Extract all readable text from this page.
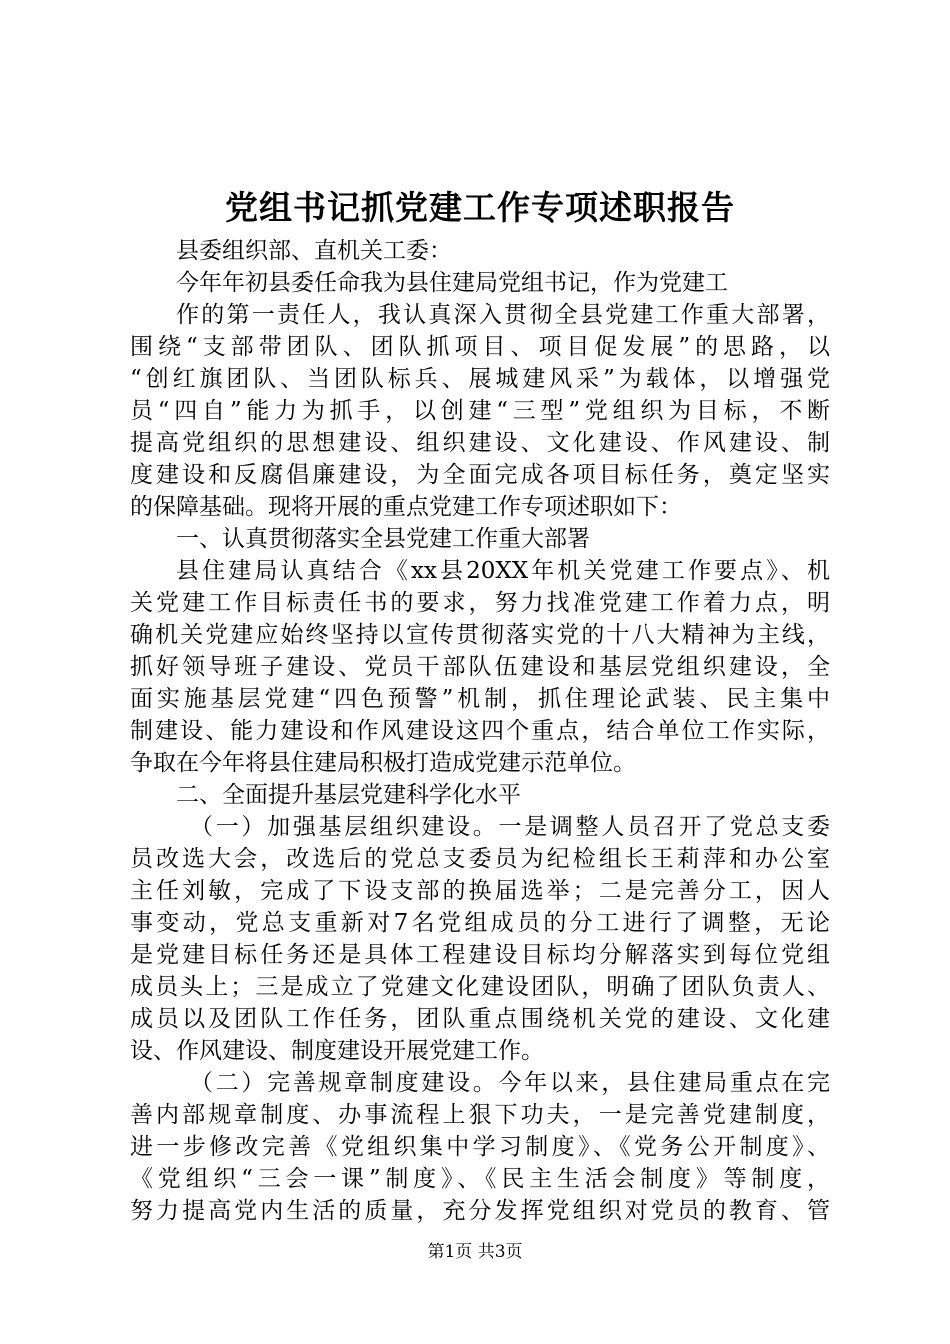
党组书记抓党建工作专项述职报告
县委组织部、直机关工委：
今年年初县委任命我为县住建局党组书记，作为党建工
作的第一责任人，我认真深入贯彻全县党建工作重大部署，
围绕“支部带团队、团队抓项目、项目促发展”的思路，以
“创红旗团队、当团队标兵、展城建风采”为载体，以增强党
员“四自”能力为抓手，以创建“三型”党组织为目标，不断
提高党组织的思想建设、组织建设、文化建设、作风建设、制
度建设和反腐倡廉建设，为全面完成各项目标任务，奠定坚实
的保障基础。现将开展的重点党建工作专项述职如下：
一、认真贯彻落实全县党建工作重大部署
县住建局认真结合《xx县20XX年机关党建工作要点》、机
关党建工作目标责任书的要求，努力找准党建工作着力点，明
确机关党建应始终坚持以宣传贯彻落实党的十八大精神为主线，
抓好领导班子建设、党员干部队伍建设和基层党组织建设，全
面实施基层党建“四色预警”机制，抓住理论武装、民主集中
制建设、能力建设和作风建设这四个重点，结合单位工作实际，
争取在今年将县住建局积极打造成党建示范单位。
二、全面提升基层党建科学化水平
（一）加强基层组织建设。一是调整人员召开了党总支委
员改选大会，改选后的党总支委员为纪检组长王莉萍和办公室
主任刘敏，完成了下设支部的换届选举；二是完善分工，因人
事变动，党总支重新对7名党组成员的分工进行了调整，无论
是党建目标任务还是具体工程建设目标均分解落实到每位党组
成员头上；三是成立了党建文化建设团队，明确了团队负责人、
成员以及团队工作任务，团队重点围绕机关党的建设、文化建
设、作风建设、制度建设开展党建工作。
（二）完善规章制度建设。今年以来，县住建局重点在完
善内部规章制度、办事流程上狠下功夫，一是完善党建制度，
进一步修改完善《党组织集中学习制度》、《党务公开制度》、
《党组织“三会一课”制度》、《民主生活会制度》等制度，
努力提高党内生活的质量，充分发挥党组织对党员的教育、管
第1页 共3页
